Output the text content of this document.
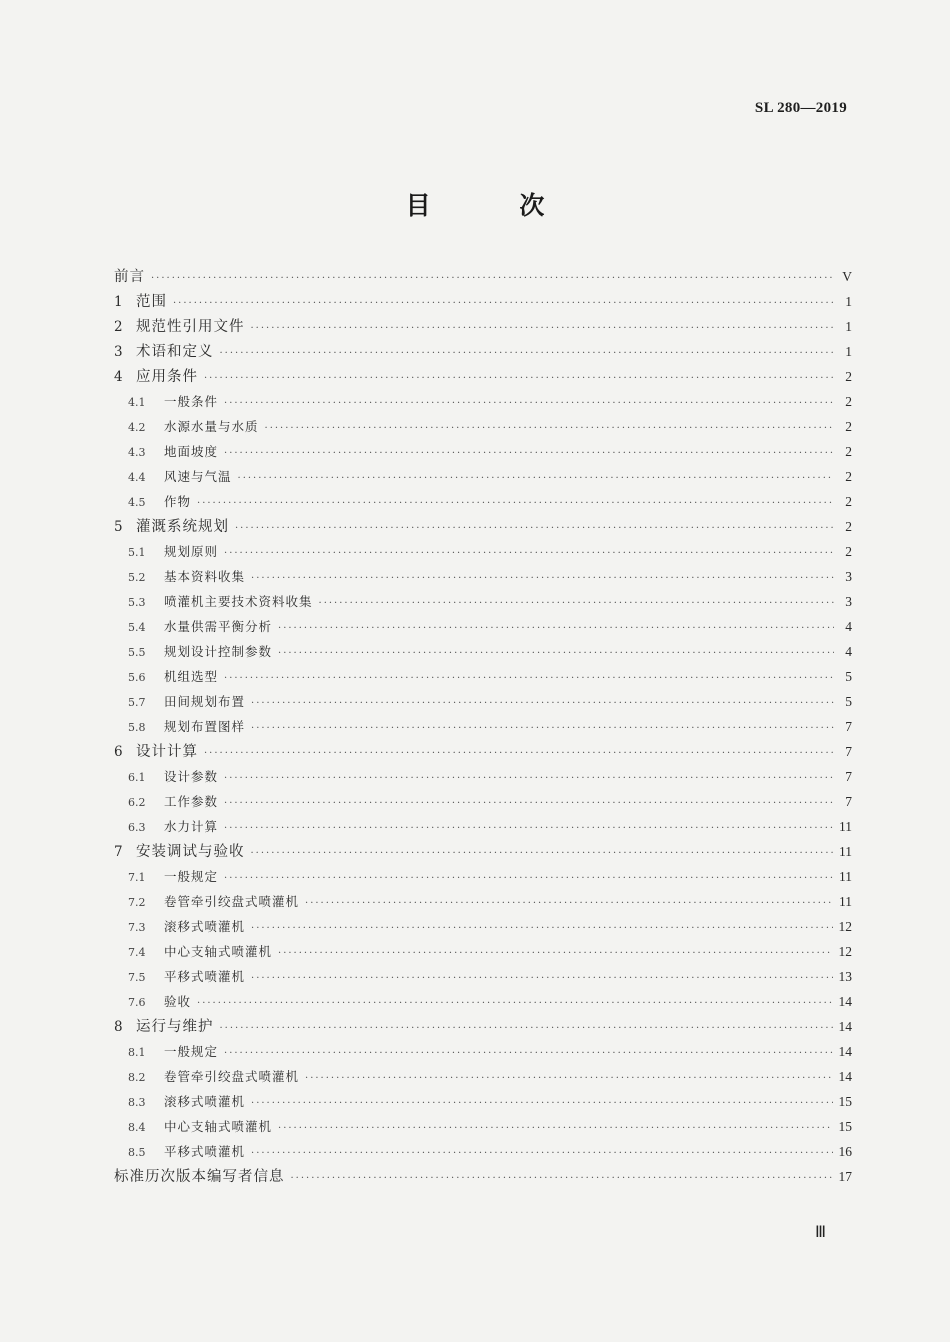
SL 280—2019
目 次
前言 ·····	V
1 范围 ·····	1
2 规范性引用文件 ·····	1
3 术语和定义 ·····	1
4 应用条件 ·····	2
4.1	一般条件 ·····	2
4.2	水源水量与水质 ·····	2
4.3	地面坡度 ·····	2
4.4	风速与气温 ·····	2
4.5	作物 ·····	2
5 灌溉系统规划 ·····	2
5.1	规划原则 ·····	2
5.2	基本资料收集 ·····	3
5.3	喷灌机主要技术资料收集 ·····	3
5.4	水量供需平衡分析 ·····	4
5.5	规划设计控制参数 ·····	4
5.6	机组选型 ·····	5
5.7	田间规划布置 ·····	5
5.8	规划布置图样 ·····	7
6 设计计算 ·····	7
6.1	设计参数 ·····	7
6.2	工作参数 ·····	7
6.3	水力计算 ·····	11
7 安装调试与验收 ·····	11
7.1	一般规定 ·····	11
7.2	卷管牵引绞盘式喷灌机 ·····	11
7.3	滚移式喷灌机 ·····	12
7.4	中心支轴式喷灌机 ·····	12
7.5	平移式喷灌机 ·····	13
7.6	验收 ·····	14
8 运行与维护 ·····	14
8.1	一般规定 ·····	14
8.2	卷管牵引绞盘式喷灌机 ·····	14
8.3	滚移式喷灌机 ·····	15
8.4	中心支轴式喷灌机 ·····	15
8.5	平移式喷灌机 ·····	16
标准历次版本编写者信息 ·····	17
Ⅲ
